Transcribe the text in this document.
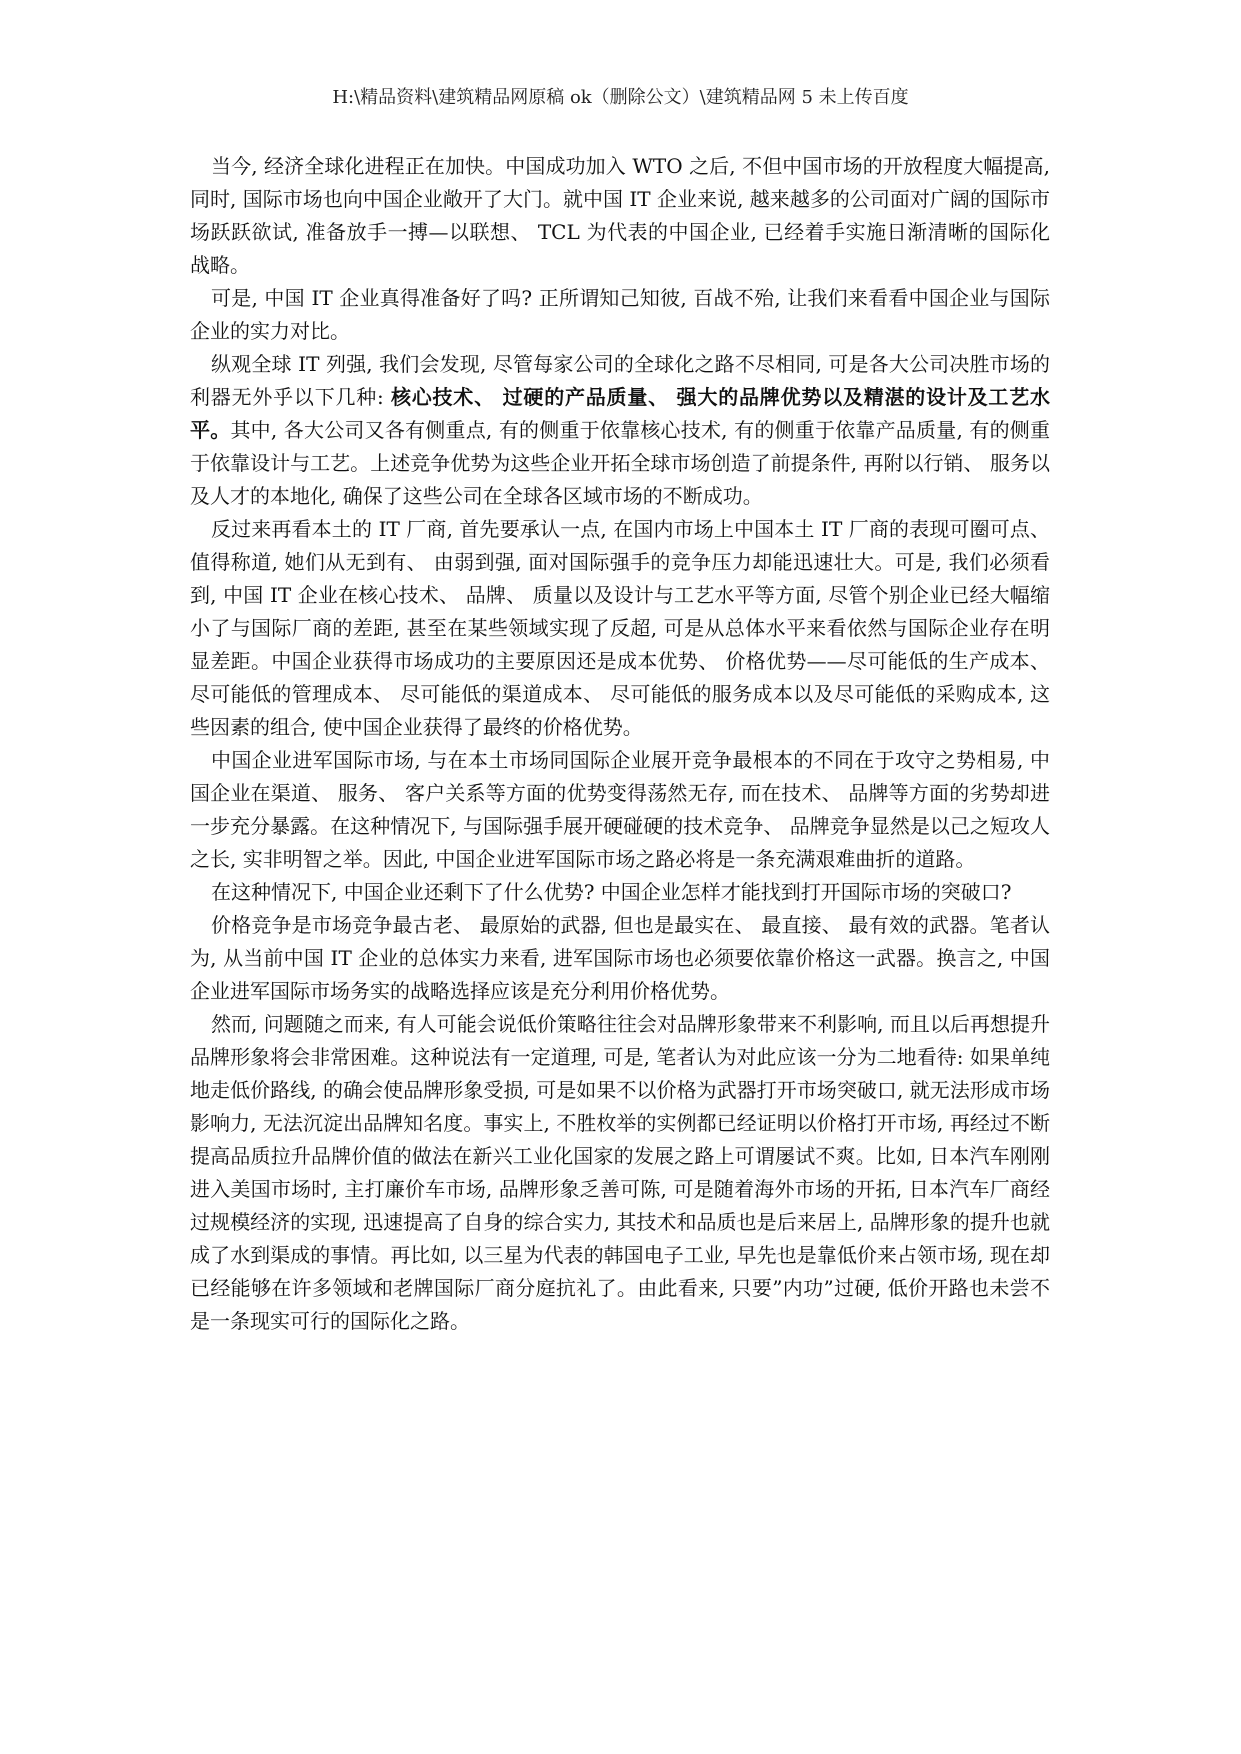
H:\精品资料\建筑精品网原稿 ok（删除公文）\建筑精品网 5 未上传百度

当今, 经济全球化进程正在加快。中国成功加入 WTO 之后, 不但中国市场的开放程度大幅提高, 同时, 国际市场也向中国企业敞开了大门。就中国 IT 企业来说, 越来越多的公司面对广阔的国际市场跃跃欲试, 准备放手一搏—以联想、 TCL 为代表的中国企业, 已经着手实施日渐清晰的国际化战略。

可是, 中国 IT 企业真得准备好了吗? 正所谓知己知彼, 百战不殆, 让我们来看看中国企业与国际企业的实力对比。

纵观全球 IT 列强, 我们会发现, 尽管每家公司的全球化之路不尽相同, 可是各大公司决胜市场的利器无外乎以下几种: 核心技术、 过硬的产品质量、 强大的品牌优势以及精湛的设计及工艺水平。其中, 各大公司又各有侧重点, 有的侧重于依靠核心技术, 有的侧重于依靠产品质量, 有的侧重于依靠设计与工艺。上述竞争优势为这些企业开拓全球市场创造了前提条件, 再附以行销、 服务以及人才的本地化, 确保了这些公司在全球各区域市场的不断成功。

反过来再看本土的 IT 厂商, 首先要承认一点, 在国内市场上中国本土 IT 厂商的表现可圈可点、 值得称道, 她们从无到有、 由弱到强, 面对国际强手的竞争压力却能迅速壮大。可是, 我们必须看到, 中国 IT 企业在核心技术、 品牌、 质量以及设计与工艺水平等方面, 尽管个别企业已经大幅缩小了与国际厂商的差距, 甚至在某些领域实现了反超, 可是从总体水平来看依然与国际企业存在明显差距。中国企业获得市场成功的主要原因还是成本优势、 价格优势——尽可能低的生产成本、 尽可能低的管理成本、 尽可能低的渠道成本、 尽可能低的服务成本以及尽可能低的采购成本, 这些因素的组合, 使中国企业获得了最终的价格优势。

中国企业进军国际市场, 与在本土市场同国际企业展开竞争最根本的不同在于攻守之势相易, 中国企业在渠道、 服务、 客户关系等方面的优势变得荡然无存, 而在技术、 品牌等方面的劣势却进一步充分暴露。在这种情况下, 与国际强手展开硬碰硬的技术竞争、 品牌竞争显然是以己之短攻人之长, 实非明智之举。因此, 中国企业进军国际市场之路必将是一条充满艰难曲折的道路。

在这种情况下, 中国企业还剩下了什么优势? 中国企业怎样才能找到打开国际市场的突破口?

价格竞争是市场竞争最古老、 最原始的武器, 但也是最实在、 最直接、 最有效的武器。笔者认为, 从当前中国 IT 企业的总体实力来看, 进军国际市场也必须要依靠价格这一武器。换言之, 中国企业进军国际市场务实的战略选择应该是充分利用价格优势。

然而, 问题随之而来, 有人可能会说低价策略往往会对品牌形象带来不利影响, 而且以后再想提升品牌形象将会非常困难。这种说法有一定道理, 可是, 笔者认为对此应该一分为二地看待: 如果单纯地走低价路线, 的确会使品牌形象受损, 可是如果不以价格为武器打开市场突破口, 就无法形成市场影响力, 无法沉淀出品牌知名度。事实上, 不胜枚举的实例都已经证明以价格打开市场, 再经过不断提高品质拉升品牌价值的做法在新兴工业化国家的发展之路上可谓屡试不爽。比如, 日本汽车刚刚进入美国市场时, 主打廉价车市场, 品牌形象乏善可陈, 可是随着海外市场的开拓, 日本汽车厂商经过规模经济的实现, 迅速提高了自身的综合实力, 其技术和品质也是后来居上, 品牌形象的提升也就成了水到渠成的事情。再比如, 以三星为代表的韩国电子工业, 早先也是靠低价来占领市场, 现在却已经能够在许多领域和老牌国际厂商分庭抗礼了。由此看来, 只要”内功”过硬, 低价开路也未尝不是一条现实可行的国际化之路。
